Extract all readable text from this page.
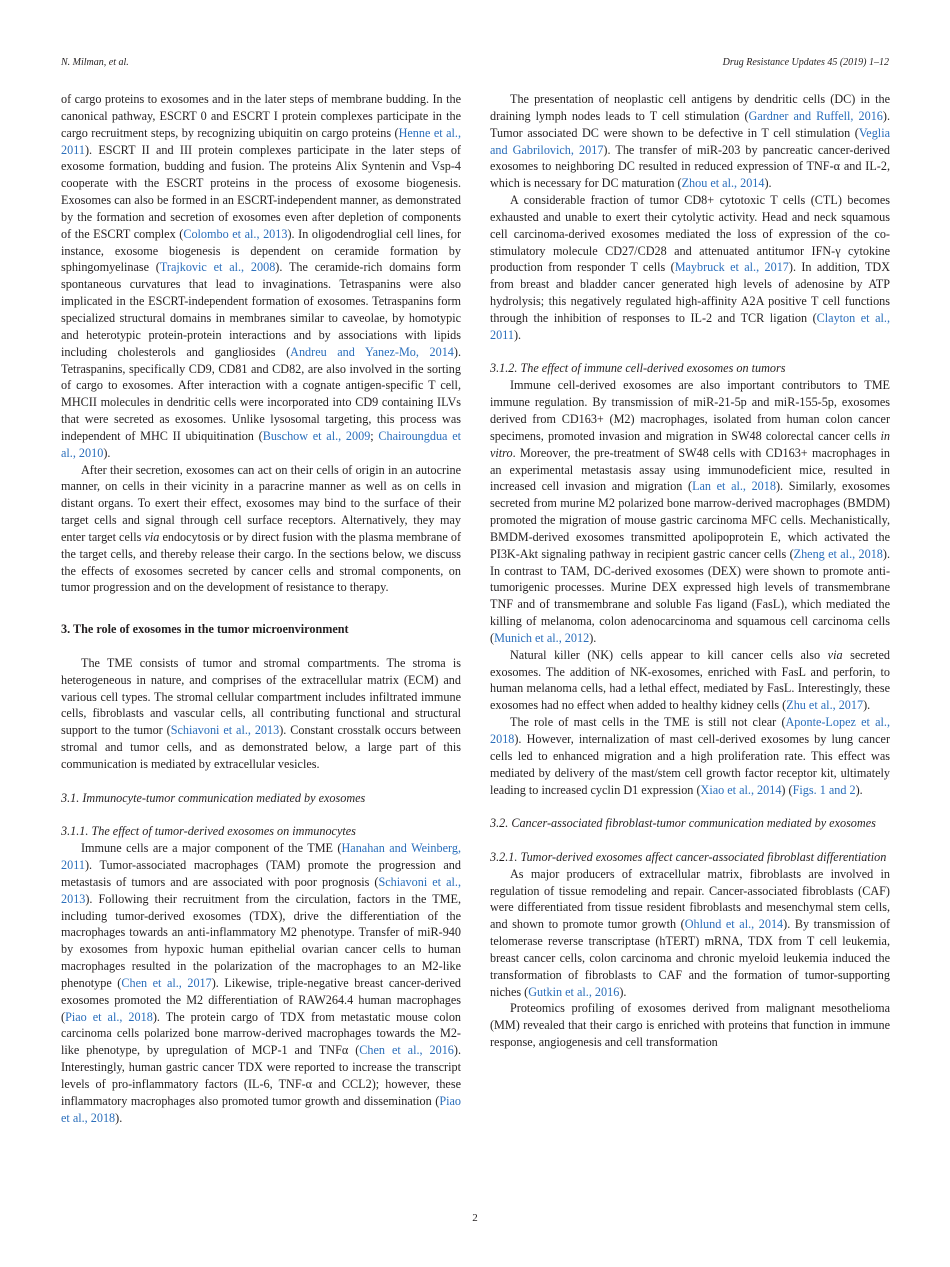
N. Milman, et al.	Drug Resistance Updates 45 (2019) 1–12

of cargo proteins to exosomes and in the later steps of membrane budding. In the canonical pathway, ESCRT 0 and ESCRT I protein complexes participate in the cargo recruitment steps, by recognizing ubiquitin on cargo proteins (Henne et al., 2011). ESCRT II and III protein complexes participate in the later steps of exosome formation, budding and fusion. The proteins Alix Syntenin and Vsp-4 cooperate with the ESCRT proteins in the process of exosome biogenesis. Exosomes can also be formed in an ESCRT-independent manner, as demonstrated by the formation and secretion of exosomes even after depletion of components of the ESCRT complex (Colombo et al., 2013). In oligodendroglial cell lines, for instance, exosome biogenesis is dependent on ceramide formation by sphingomyelinase (Trajkovic et al., 2008). The ceramide-rich domains form spontaneous curvatures that lead to invaginations. Tetraspanins were also implicated in the ESCRT-independent formation of exosomes. Tetraspanins form specialized structural domains in membranes similar to caveolae, by homotypic and heterotypic protein-protein interactions and by associations with lipids including cholesterols and gangliosides (Andreu and Yanez-Mo, 2014). Tetraspanins, specifically CD9, CD81 and CD82, are also involved in the sorting of cargo to exosomes. After interaction with a cognate antigen-specific T cell, MHCII molecules in dendritic cells were incorporated into CD9 containing ILVs that were secreted as exosomes. Unlike lysosomal targeting, this process was independent of MHC II ubiquitination (Buschow et al., 2009; Chairoungdua et al., 2010).

After their secretion, exosomes can act on their cells of origin in an autocrine manner, on cells in their vicinity in a paracrine manner as well as on cells in distant organs. To exert their effect, exosomes may bind to the surface of their target cells and signal through cell surface receptors. Alternatively, they may enter target cells via endocytosis or by direct fusion with the plasma membrane of the target cells, and thereby release their cargo. In the sections below, we discuss the effects of exosomes secreted by cancer cells and stromal components, on tumor progression and on the development of resistance to therapy.

3. The role of exosomes in the tumor microenvironment

The TME consists of tumor and stromal compartments. The stroma is heterogeneous in nature, and comprises of the extracellular matrix (ECM) and various cell types. The stromal cellular compartment includes infiltrated immune cells, fibroblasts and vascular cells, all contributing functional and structural support to the tumor (Schiavoni et al., 2013). Constant crosstalk occurs between stromal and tumor cells, and as demonstrated below, a large part of this communication is mediated by extracellular vesicles.

3.1. Immunocyte-tumor communication mediated by exosomes
3.1.1. The effect of tumor-derived exosomes on immunocytes

Immune cells are a major component of the TME (Hanahan and Weinberg, 2011). Tumor-associated macrophages (TAM) promote the progression and metastasis of tumors and are associated with poor prognosis (Schiavoni et al., 2013). Following their recruitment from the circulation, factors in the TME, including tumor-derived exosomes (TDX), drive the differentiation of the macrophages towards an anti-inflammatory M2 phenotype. Transfer of miR-940 by exosomes from hypoxic human epithelial ovarian cancer cells to human macrophages resulted in the polarization of the macrophages to an M2-like phenotype (Chen et al., 2017). Likewise, triple-negative breast cancer-derived exosomes promoted the M2 differentiation of RAW264.4 human macrophages (Piao et al., 2018). The protein cargo of TDX from metastatic mouse colon carcinoma cells polarized bone marrow-derived macrophages towards the M2-like phenotype, by upregulation of MCP-1 and TNFα (Chen et al., 2016). Interestingly, human gastric cancer TDX were reported to increase the transcript levels of pro-inflammatory factors (IL-6, TNF-α and CCL2); however, these inflammatory macrophages also promoted tumor growth and dissemination (Piao et al., 2018).

The presentation of neoplastic cell antigens by dendritic cells (DC) in the draining lymph nodes leads to T cell stimulation (Gardner and Ruffell, 2016). Tumor associated DC were shown to be defective in T cell stimulation (Veglia and Gabrilovich, 2017). The transfer of miR-203 by pancreatic cancer-derived exosomes to neighboring DC resulted in reduced expression of TNF-α and IL-2, which is necessary for DC maturation (Zhou et al., 2014).

A considerable fraction of tumor CD8+ cytotoxic T cells (CTL) becomes exhausted and unable to exert their cytolytic activity. Head and neck squamous cell carcinoma-derived exosomes mediated the loss of expression of the co-stimulatory molecule CD27/CD28 and attenuated antitumor IFN-γ cytokine production from responder T cells (Maybruck et al., 2017). In addition, TDX from breast and bladder cancer generated high levels of adenosine by ATP hydrolysis; this negatively regulated high-affinity A2A positive T cell functions through the inhibition of responses to IL-2 and TCR ligation (Clayton et al., 2011).

3.1.2. The effect of immune cell-derived exosomes on tumors

Immune cell-derived exosomes are also important contributors to TME immune regulation. By transmission of miR-21-5p and miR-155-5p, exosomes derived from CD163+ (M2) macrophages, isolated from human colon cancer specimens, promoted invasion and migration in SW48 colorectal cancer cells in vitro. Moreover, the pre-treatment of SW48 cells with CD163+ macrophages in an experimental metastasis assay using immunodeficient mice, resulted in increased cell invasion and migration (Lan et al., 2018). Similarly, exosomes secreted from murine M2 polarized bone marrow-derived macrophages (BMDM) promoted the migration of mouse gastric carcinoma MFC cells. Mechanistically, BMDM-derived exosomes transmitted apolipoprotein E, which activated the PI3K-Akt signaling pathway in recipient gastric cancer cells (Zheng et al., 2018). In contrast to TAM, DC-derived exosomes (DEX) were shown to promote anti-tumorigenic processes. Murine DEX expressed high levels of transmembrane TNF and of transmembrane and soluble Fas ligand (FasL), which mediated the killing of melanoma, colon adenocarcinoma and squamous cell carcinoma cells (Munich et al., 2012).

Natural killer (NK) cells appear to kill cancer cells also via secreted exosomes. The addition of NK-exosomes, enriched with FasL and perforin, to human melanoma cells, had a lethal effect, mediated by FasL. Interestingly, these exosomes had no effect when added to healthy kidney cells (Zhu et al., 2017).

The role of mast cells in the TME is still not clear (Aponte-Lopez et al., 2018). However, internalization of mast cell-derived exosomes by lung cancer cells led to enhanced migration and a high proliferation rate. This effect was mediated by delivery of the mast/stem cell growth factor receptor kit, ultimately leading to increased cyclin D1 expression (Xiao et al., 2014) (Figs. 1 and 2).

3.2. Cancer-associated fibroblast-tumor communication mediated by exosomes
3.2.1. Tumor-derived exosomes affect cancer-associated fibroblast differentiation

As major producers of extracellular matrix, fibroblasts are involved in regulation of tissue remodeling and repair. Cancer-associated fibroblasts (CAF) were differentiated from tissue resident fibroblasts and mesenchymal stem cells, and shown to promote tumor growth (Ohlund et al., 2014). By transmission of telomerase reverse transcriptase (hTERT) mRNA, TDX from T cell leukemia, breast cancer cells, colon carcinoma and chronic myeloid leukemia induced the transformation of fibroblasts to CAF and the formation of tumor-supporting niches (Gutkin et al., 2016).

Proteomics profiling of exosomes derived from malignant mesothelioma (MM) revealed that their cargo is enriched with proteins that function in immune response, angiogenesis and cell transformation

2
